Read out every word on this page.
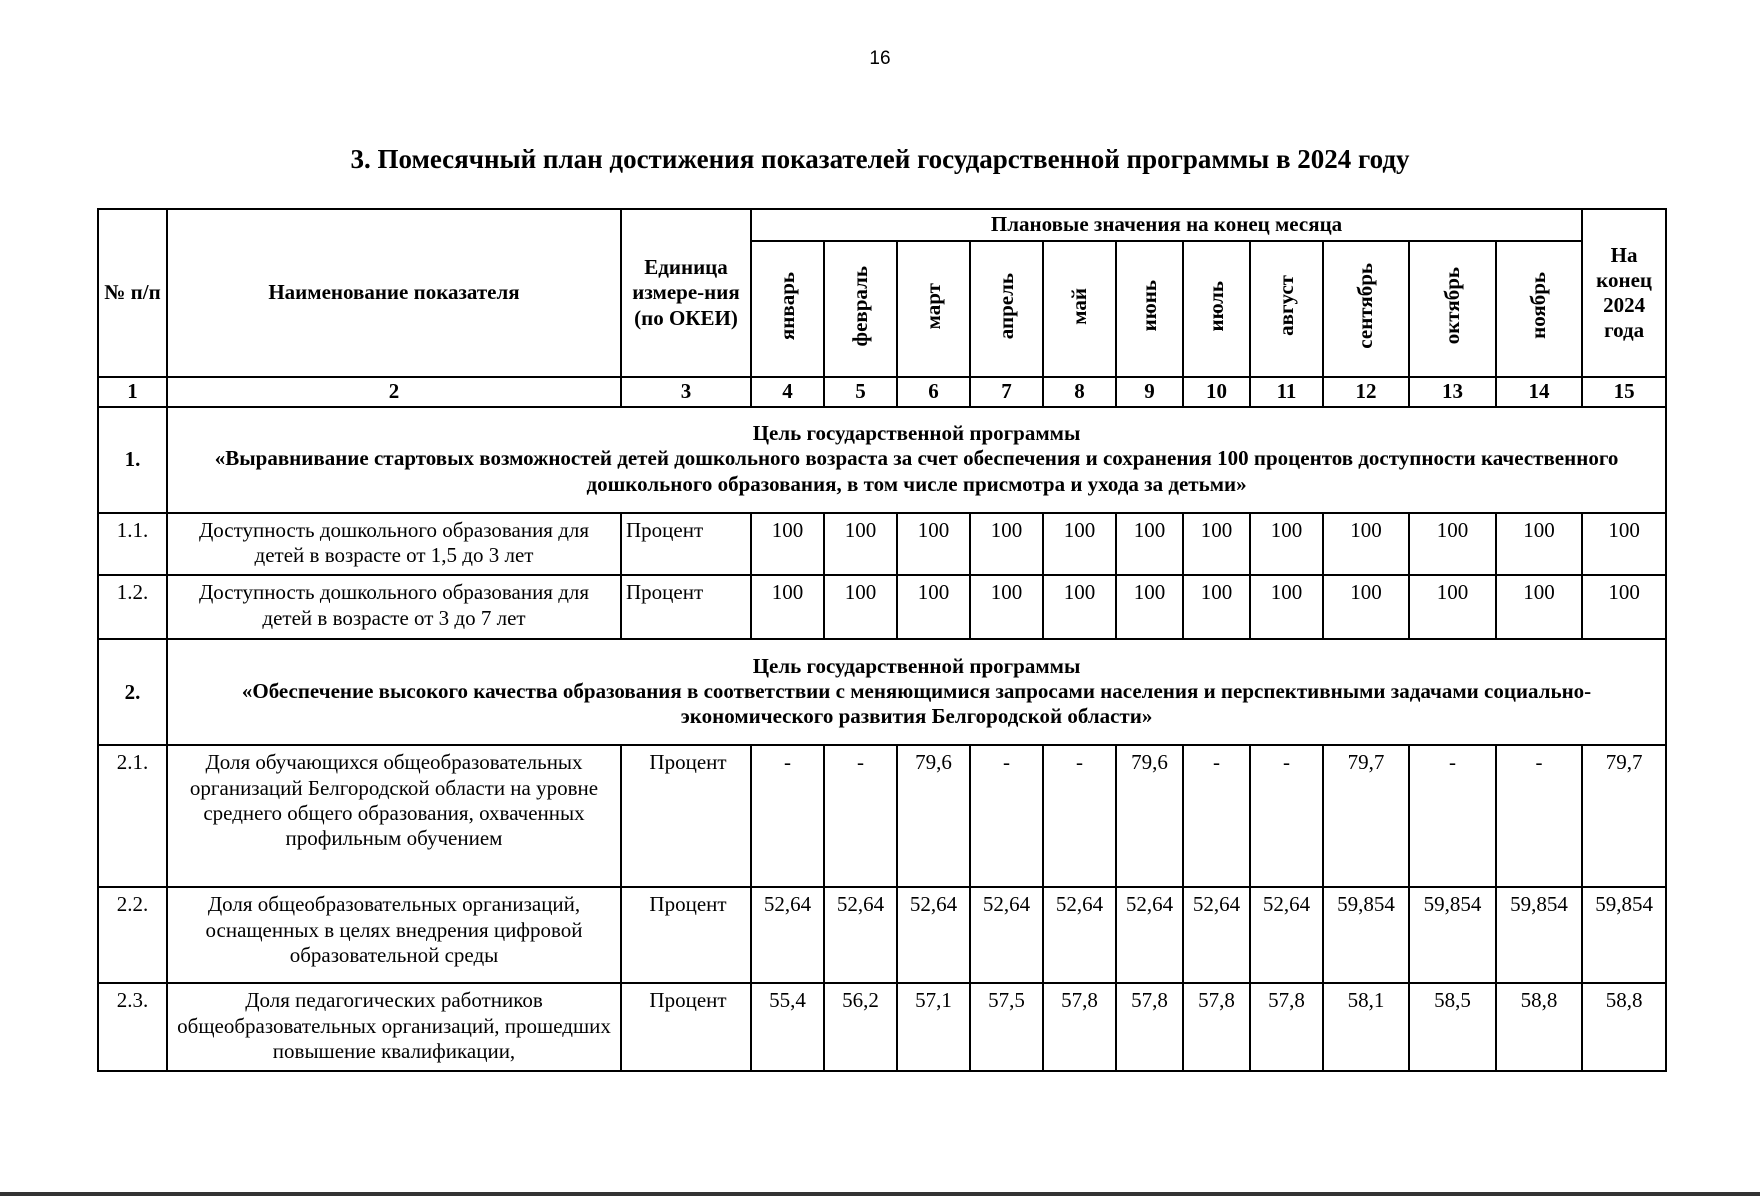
16
3. Помесячный план достижения показателей государственной программы в 2024 году
№ п/п	Наименование показателя	Единица измере-ния (по ОКЕИ)	Плановые значения на конец месяца											На конец 2024 года
			январь	февраль	март	апрель	май	июнь	июль	август	сентябрь	октябрь	ноябрь	
1	2	3	4	5	6	7	8	9	10	11	12	13	14	15
1.	Цель государственной программы
«Выравнивание стартовых возможностей детей дошкольного возраста за счет обеспечения и сохранения 100 процентов доступности качественного дошкольного образования, в том числе присмотра и ухода за детьми»													

1.1.	Доступность дошкольного образования для детей в возрасте от 1,5 до 3 лет	Процент	100	100	100	100	100	100	100	100	100	100	100	100
1.2.	Доступность дошкольного образования для детей в возрасте от 3 до 7 лет	Процент	100	100	100	100	100	100	100	100	100	100	100	100
2.	Цель государственной программы
«Обеспечение высокого качества образования в соответствии с меняющимися запросами населения и перспективными задачами социально-экономического развития Белгородской области»													

2.1.	Доля обучающихся общеобразовательных организаций Белгородской области на уровне среднего общего образования, охваченных профильным обучением	Процент	-	-	79,6	-	-	79,6	-	-	79,7	-	-	79,7
2.2.	Доля общеобразовательных организаций, оснащенных в целях внедрения цифровой образовательной среды	Процент	52,64	52,64	52,64	52,64	52,64	52,64	52,64	52,64	59,854	59,854	59,854	59,854
2.3.	Доля педагогических работников общеобразовательных организаций, прошедших повышение квалификации,	Процент	55,4	56,2	57,1	57,5	57,8	57,8	57,8	57,8	58,1	58,5	58,8	58,8
